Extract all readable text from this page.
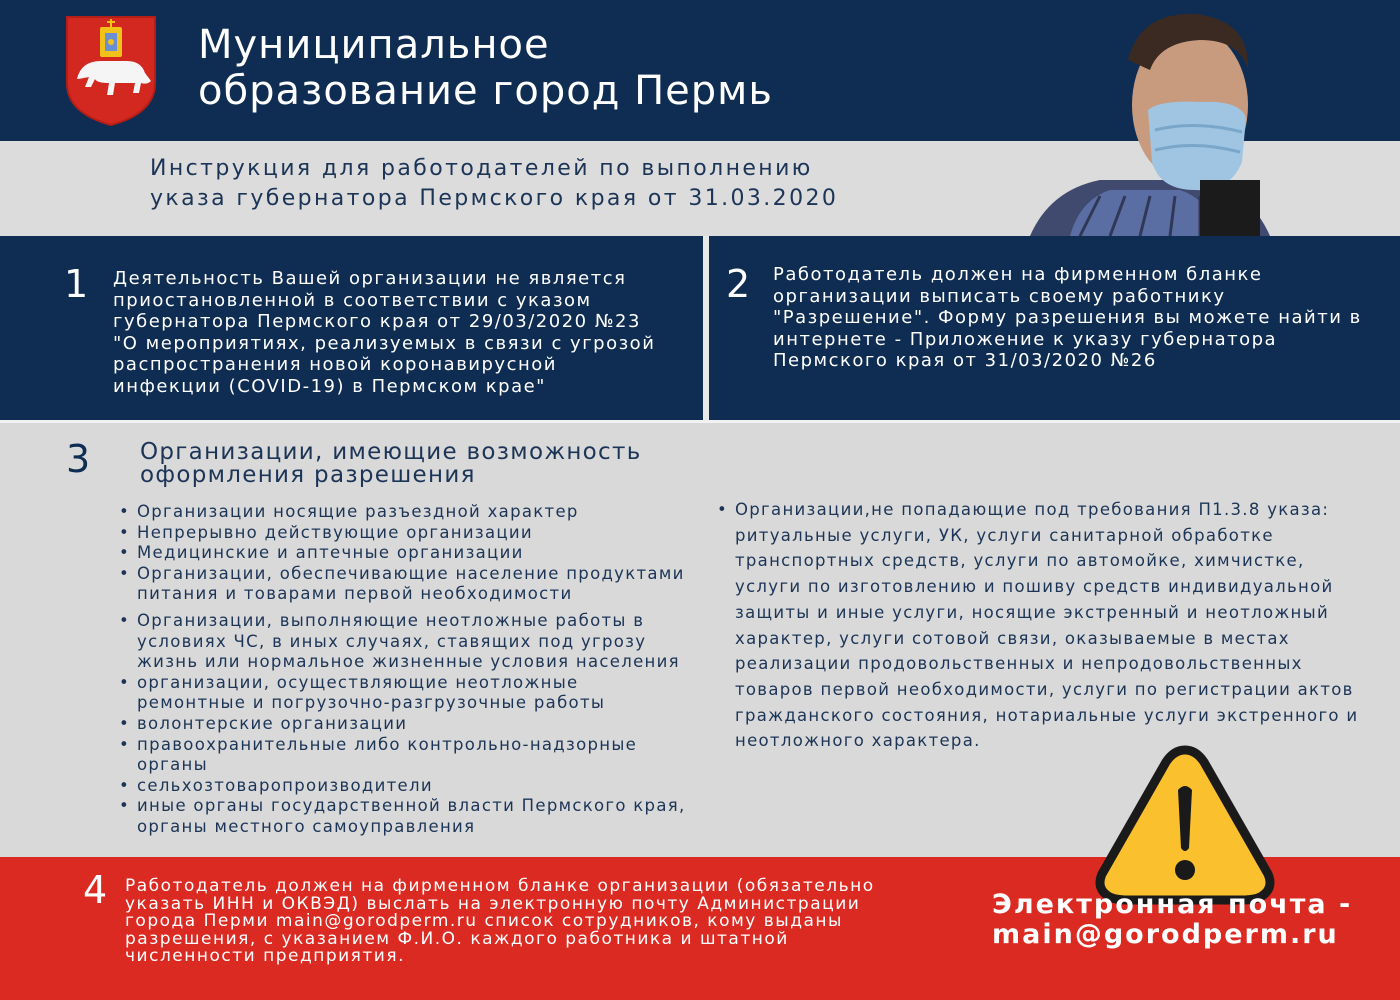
Муниципальное
образование город Пермь
Инструкция для работодателей по выполнению
указа губернатора Пермского края от 31.03.2020
1 Деятельность Вашей организации не является
приостановленной в соответствии с указом
губернатора Пермского края от 29/03/2020 №23
"О мероприятиях, реализуемых в связи с угрозой
распространения новой коронавирусной
инфекции (COVID-19) в Пермском крае"
2 Работодатель должен на фирменном бланке
организации выписать своему работнику
"Разрешение". Форму разрешения вы можете найти в
интернете - Приложение к указу губернатора
Пермского края от 31/03/2020 №26
3 Организации, имеющие возможность
оформления разрешения
• Организации носящие разъездной характер
• Непрерывно действующие организации
• Медицинские и аптечные организации
• Организации, обеспечивающие население продуктами
питания и товарами первой необходимости
• Организации, выполняющие неотложные работы в
условиях ЧС, в иных случаях, ставящих под угрозу
жизнь или нормальное жизненные условия населения
• организации, осуществляющие неотложные
ремонтные и погрузочно-разгрузочные работы
• волонтерские организации
• правоохранительные либо контрольно-надзорные
органы
• сельхозтоваропроизводители
• иные органы государственной власти Пермского края,
органы местного самоуправления
• Организации,не попадающие под требования П1.3.8 указа:
ритуальные услуги, УК, услуги санитарной обработке
транспортных средств, услуги по автомойке, химчистке,
услуги по изготовлению и пошиву средств индивидуальной
защиты и иные услуги, носящие экстренный и неотложный
характер, услуги сотовой связи, оказываемые в местах
реализации продовольственных и непродовольственных
товаров первой необходимости, услуги по регистрации актов
гражданского состояния, нотариальные услуги экстренного и
неотложного характера.
4 Работодатель должен на фирменном бланке организации (обязательно
указать ИНН и ОКВЭД) выслать на электронную почту Администрации
города Перми main@gorodperm.ru список сотрудников, кому выданы
разрешения, с указанием Ф.И.О. каждого работника и штатной
численности предприятия.
Электронная почта -
main@gorodperm.ru
